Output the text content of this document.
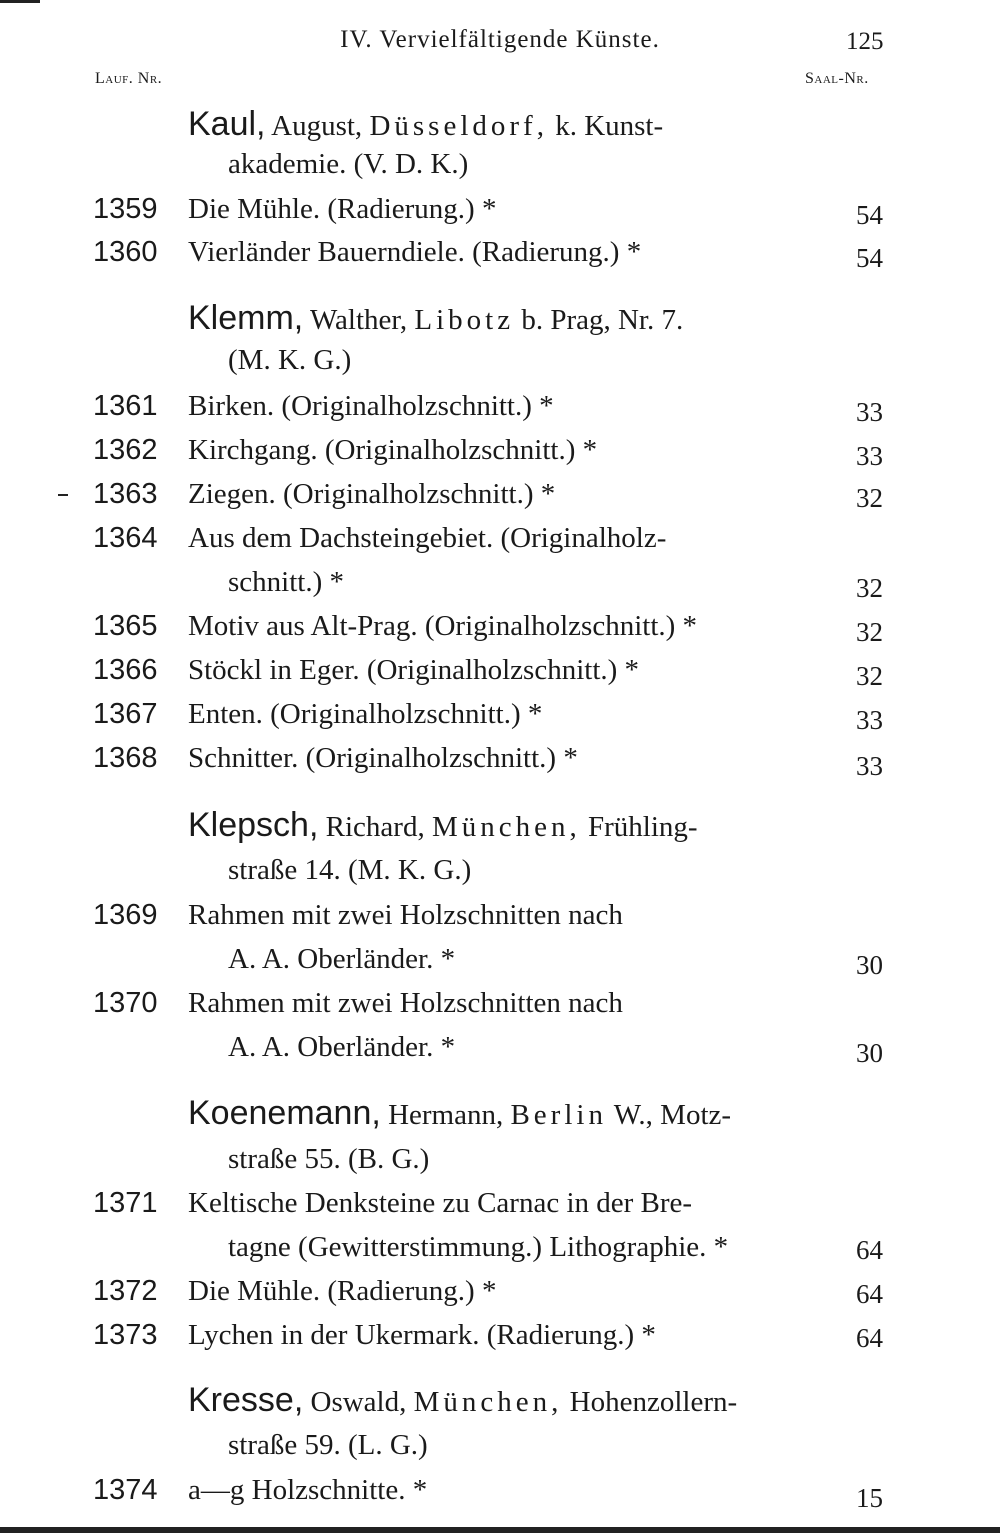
IV. Vervielfältigende Künste.	125
Lauf. Nr.	Saal-Nr.
Kaul, August, Düsseldorf, k. Kunst-
akademie. (V. D. K.)
1359	Die Mühle. (Radierung.) *	54
1360	Vierländer Bauerndiele. (Radierung.) *	54
Klemm, Walther, Libotz b. Prag, Nr. 7.
(M. K. G.)
1361	Birken. (Originalholzschnitt.) *	33
1362	Kirchgang. (Originalholzschnitt.) *	33
1363	Ziegen. (Originalholzschnitt.) *	32
1364	Aus dem Dachsteingebiet. (Originalholz-
schnitt.) *	32
1365	Motiv aus Alt-Prag. (Originalholzschnitt.) *	32
1366	Stöckl in Eger. (Originalholzschnitt.) *	32
1367	Enten. (Originalholzschnitt.) *	33
1368	Schnitter. (Originalholzschnitt.) *	33
Klepsch, Richard, München, Frühling-
straße 14. (M. K. G.)
1369	Rahmen mit zwei Holzschnitten nach
A. A. Oberländer. *	30
1370	Rahmen mit zwei Holzschnitten nach
A. A. Oberländer. *	30
Koenemann, Hermann, Berlin W., Motz-
straße 55. (B. G.)
1371	Keltische Denksteine zu Carnac in der Bre-
tagne (Gewitterstimmung.) Lithographie. *	64
1372	Die Mühle. (Radierung.) *	64
1373	Lychen in der Ukermark. (Radierung.) *	64
Kresse, Oswald, München, Hohenzollern-
straße 59. (L. G.)
1374	a—g Holzschnitte. *	15
